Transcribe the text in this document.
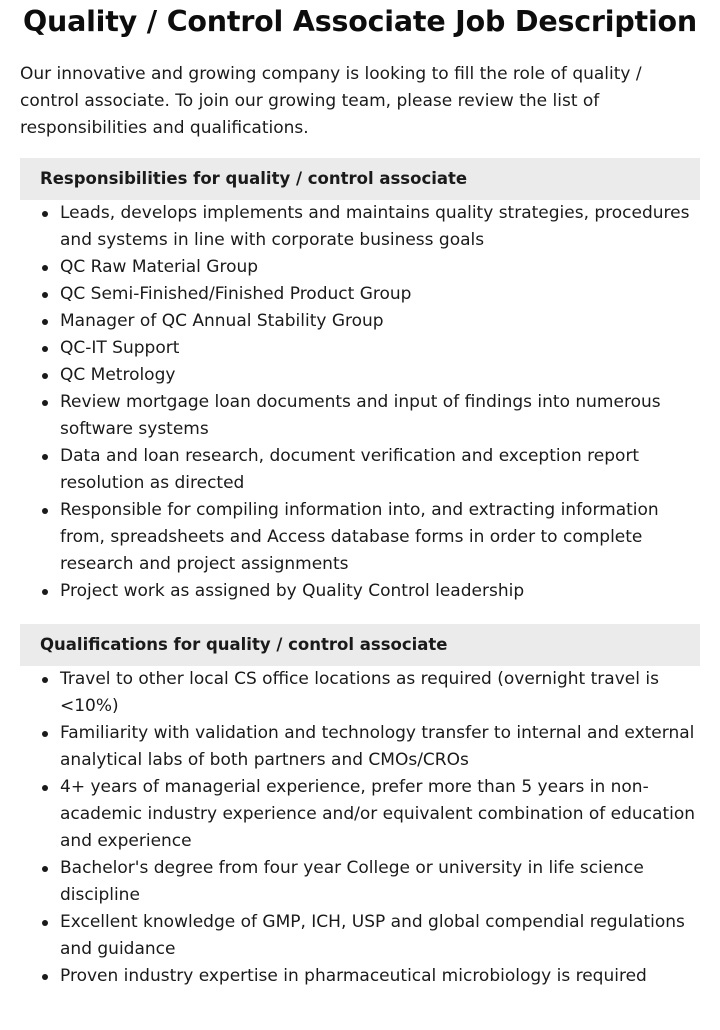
Quality / Control Associate Job Description

Our innovative and growing company is looking to fill the role of quality / control associate. To join our growing team, please review the list of responsibilities and qualifications.

Responsibilities for quality / control associate
Leads, develops implements and maintains quality strategies, procedures and systems in line with corporate business goals
QC Raw Material Group
QC Semi-Finished/Finished Product Group
Manager of QC Annual Stability Group
QC-IT Support
QC Metrology
Review mortgage loan documents and input of findings into numerous software systems
Data and loan research, document verification and exception report resolution as directed
Responsible for compiling information into, and extracting information from, spreadsheets and Access database forms in order to complete research and project assignments
Project work as assigned by Quality Control leadership
Qualifications for quality / control associate
Travel to other local CS office locations as required (overnight travel is <10%)
Familiarity with validation and technology transfer to internal and external analytical labs of both partners and CMOs/CROs
4+ years of managerial experience, prefer more than 5 years in non-academic industry experience and/or equivalent combination of education and experience
Bachelor's degree from four year College or university in life science discipline
Excellent knowledge of GMP, ICH, USP and global compendial regulations and guidance
Proven industry expertise in pharmaceutical microbiology is required
